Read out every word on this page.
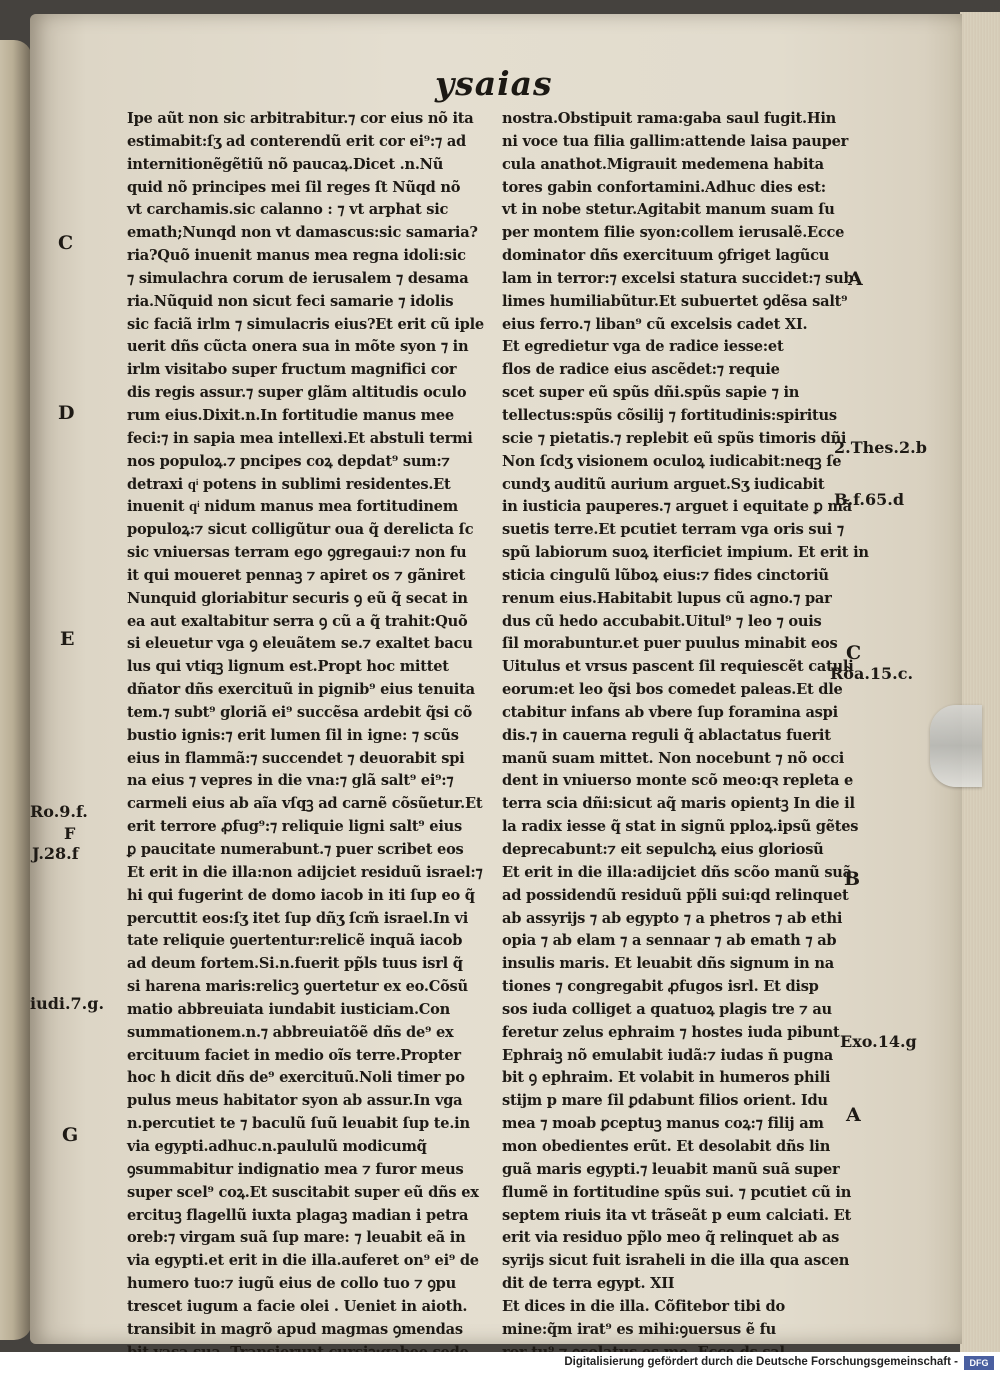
ysaias
Ipe aũt non sic arbitrabitur.⁊ cor eius nõ ita
estimabit:ſʒ ad conterendũ erit cor ei⁹:⁊ ad
internitionẽgẽtiũ nõ paucaꝝ.Dicet .n.Nũ
quid nõ principes mei ſil reges ſt Nũqd nõ
vt carchamis.sic calanno : ⁊ vt arphat sic
emath;Nunqd non vt damascus:sic samaria?
ria?Quõ inuenit manus mea regna idoli:sic
⁊ simulachra corum de ierusalem ⁊ desama
ria.Nũquid non sicut feci samarie ⁊ idolis
sic faciã irlm ⁊ simulacris eius?Et erit cũ iple
uerit dñs cũcta onera sua in mõte syon ⁊ in
irlm visitabo super fructum magnifici cor
dis regis assur.⁊ super glãm altitudis oculo
rum eius.Dixit.n.In fortitudie manus mee
feci:⁊ in sapia mea intellexi.Et abstuli termi
nos populoꝝ.⁊ pncipes coꝝ depdat⁹ sum:⁊
detraxi qͥ potens in sublimi residentes.Et
inuenit qͥ nidum manus mea fortitudinem
populoꝝ:⁊ sicut colligũtur oua q̃ derelicta ſc
sic vniuersas terram ego ꝯgregaui:⁊ non fu
it qui moueret pennaꝫ ⁊ apiret os ⁊ gãniret
Nunquid gloriabitur securis ꝯ eũ q̃ secat in
ea aut exaltabitur serra ꝯ cũ a q̃ trahit:Quõ
si eleuetur vga ꝯ eleuãtem se.⁊ exaltet bacu
lus qui vtiqꝫ lignum est.Propt hoc mittet
dñator dñs exercituũ in pignib⁹ eius tenuita
tem.⁊ subt⁹ gloriã ei⁹ succẽsa ardebit q̃si cõ
bustio ignis:⁊ erit lumen ſil in igne: ⁊ scũs
eius in flammã:⁊ succendet ⁊ deuorabit spi
na eius ⁊ vepres in die vna:⁊ glã salt⁹ ei⁹:⁊
carmeli eius ab aĩa vſqꝫ ad carnẽ cõsũetur.Et
erit terrore ꝓfug⁹:⁊ reliquie ligni salt⁹ eius
ꝑ paucitate numerabunt.⁊ puer scribet eos
Et erit in die illa:non adijciet residuũ israel:⁊
hi qui fugerint de domo iacob in iti ſup eo q̃
percuttit eos:ſʒ itet ſup dñʒ ſcm̃ israel.In vi
tate reliquie ꝯuertentur:relicẽ inquã iacob
ad deum fortem.Si.n.fuerit pp̃ls tuus isrl q̃
si harena maris:relicꝫ ꝯuertetur ex eo.Cõsũ
matio abbreuiata iundabit iusticiam.Con
summationem.n.⁊ abbreuiatõẽ dñs de⁹ ex
ercituum faciet in medio oĩs terre.Propter
hoc h dicit dñs de⁹ exercituũ.Noli timer po
pulus meus habitator syon ab assur.In vga
n.percutiet te ⁊ baculũ ſuũ leuabit ſup te.in
via egypti.adhuc.n.paululũ modicumq̃
ꝯsummabitur indignatio mea ⁊ furor meus
super scel⁹ coꝝ.Et suscitabit super eũ dñs ex
ercituꝫ flagellũ iuxta plagaꝫ madian i petra
oreb:⁊ virgam suã ſup mare: ⁊ leuabit eã in
via egypti.et erit in die illa.auferet on⁹ ei⁹ de
humero tuo:⁊ iugũ eius de collo tuo ⁊ ꝯpu
trescet iugum a facie olei . Ueniet in aioth.
transibit in magrõ apud magmas ꝯmendas
nostra.Obstipuit rama:gaba saul fugit.Hin
ni voce tua filia gallim:attende laisa pauper
cula anathot.Migrauit medemena habita
tores gabin confortamini.Adhuc dies est:
vt in nobe stetur.Agitabit manum suam ſu
per montem filie syon:collem ierusalẽ.Ecce
dominator dñs exercituum ꝯfriget lagũcu
lam in terror:⁊ excelsi statura succidet:⁊ sub
limes humiliabũtur.Et subuertet ꝯdẽsa salt⁹
eius ferro.⁊ liban⁹ cũ excelsis cadet XI.
Et egredietur vga de radice iesse:et
flos de radice eius ascẽdet:⁊ requie
scet super eũ spũs dñi.spũs sapie ⁊ in
tellectus:spũs cõsilij ⁊ fortitudinis:spiritus
scie ⁊ pietatis.⁊ replebit eũ spũs timoris dñi
Non ſcdʒ visionem oculoꝝ iudicabit:neqꝫ ſe
cundʒ auditũ aurium arguet.Sʒ iudicabit
in iusticia pauperes.⁊ arguet i equitate ꝑ mã
suetis terre.Et pcutiet terram vga oris sui ⁊
spũ labiorum suoꝝ iterficiet impium. Et erit in
sticia cingulũ lũboꝝ eius:⁊ fides cinctoriũ
renum eius.Habitabit lupus cũ agno.⁊ par
dus cũ hedo accubabit.Uitul⁹ ⁊ leo ⁊ ouis
ſil morabuntur.et puer puulus minabit eos
Uitulus et vrsus pascent ſil requiescẽt catuli
eorum:et leo q̃si bos comedet paleas.Et dle
ctabitur infans ab vbere ſup foramina aspi
dis.⁊ in cauerna reguli q̃ ablactatus fuerit
manũ suam mittet. Non nocebunt ⁊ nõ occi
dent in vniuerso monte scõ meo:qꝛ repleta e
terra scia dñi:sicut aq̃ maris opientꝫ In die il
la radix iesse q̃ stat in signũ pploꝝ.ipsũ gẽtes
deprecabunt:⁊ eit sepulchꝝ eius gloriosũ
Et erit in die illa:adijciet dñs scõo manũ suã
ad possidendũ residuũ pp̃li sui:qd relinquet
ab assyrijs ⁊ ab egypto ⁊ a phetros ⁊ ab ethi
opia ⁊ ab elam ⁊ a sennaar ⁊ ab emath ⁊ ab
insulis maris. Et leuabit dñs signum in na
tiones ⁊ congregabit ꝓfugos isrl. Et disp
sos iuda colliget a quatuoꝝ plagis tre ⁊ au
feretur zelus ephraim ⁊ hostes iuda pibunt
Ephraiꝫ nõ emulabit iudã:⁊ iudas ñ pugna
bit ꝯ ephraim. Et volabit in humeros phili
stijm p mare ſil ꝑdabunt filios orient. Idu
mea ⁊ moab ꝑceptuꝫ manus coꝝ:⁊ filij am
mon obedientes erũt. Et desolabit dñs lin
guã maris egypti.⁊ leuabit manũ suã super
flumẽ in fortitudine spũs sui. ⁊ pcutiet cũ in
septem riuis ita vt trãseãt p eum calciati. Et
erit via residuo pp̃lo meo q̃ relinquet ab as
syrijs sicut fuit israheli in die illa qua ascen
dit de terra egypt. XII
Et dices in die illa. Cõfitebor tibi do
mine:q̃m irat⁹ es mihi:ꝯuersus ẽ fu
C
D
E
Ro.9.f.
F
J.28.f
iudi.7.g.
G
A
2.Thes.2.b
B.f.65.d
C
Rõa.15.c.
B
Exo.14.g
A
Digitalisierung gefördert durch die Deutsche Forschungsgemeinschaft -	DFG
